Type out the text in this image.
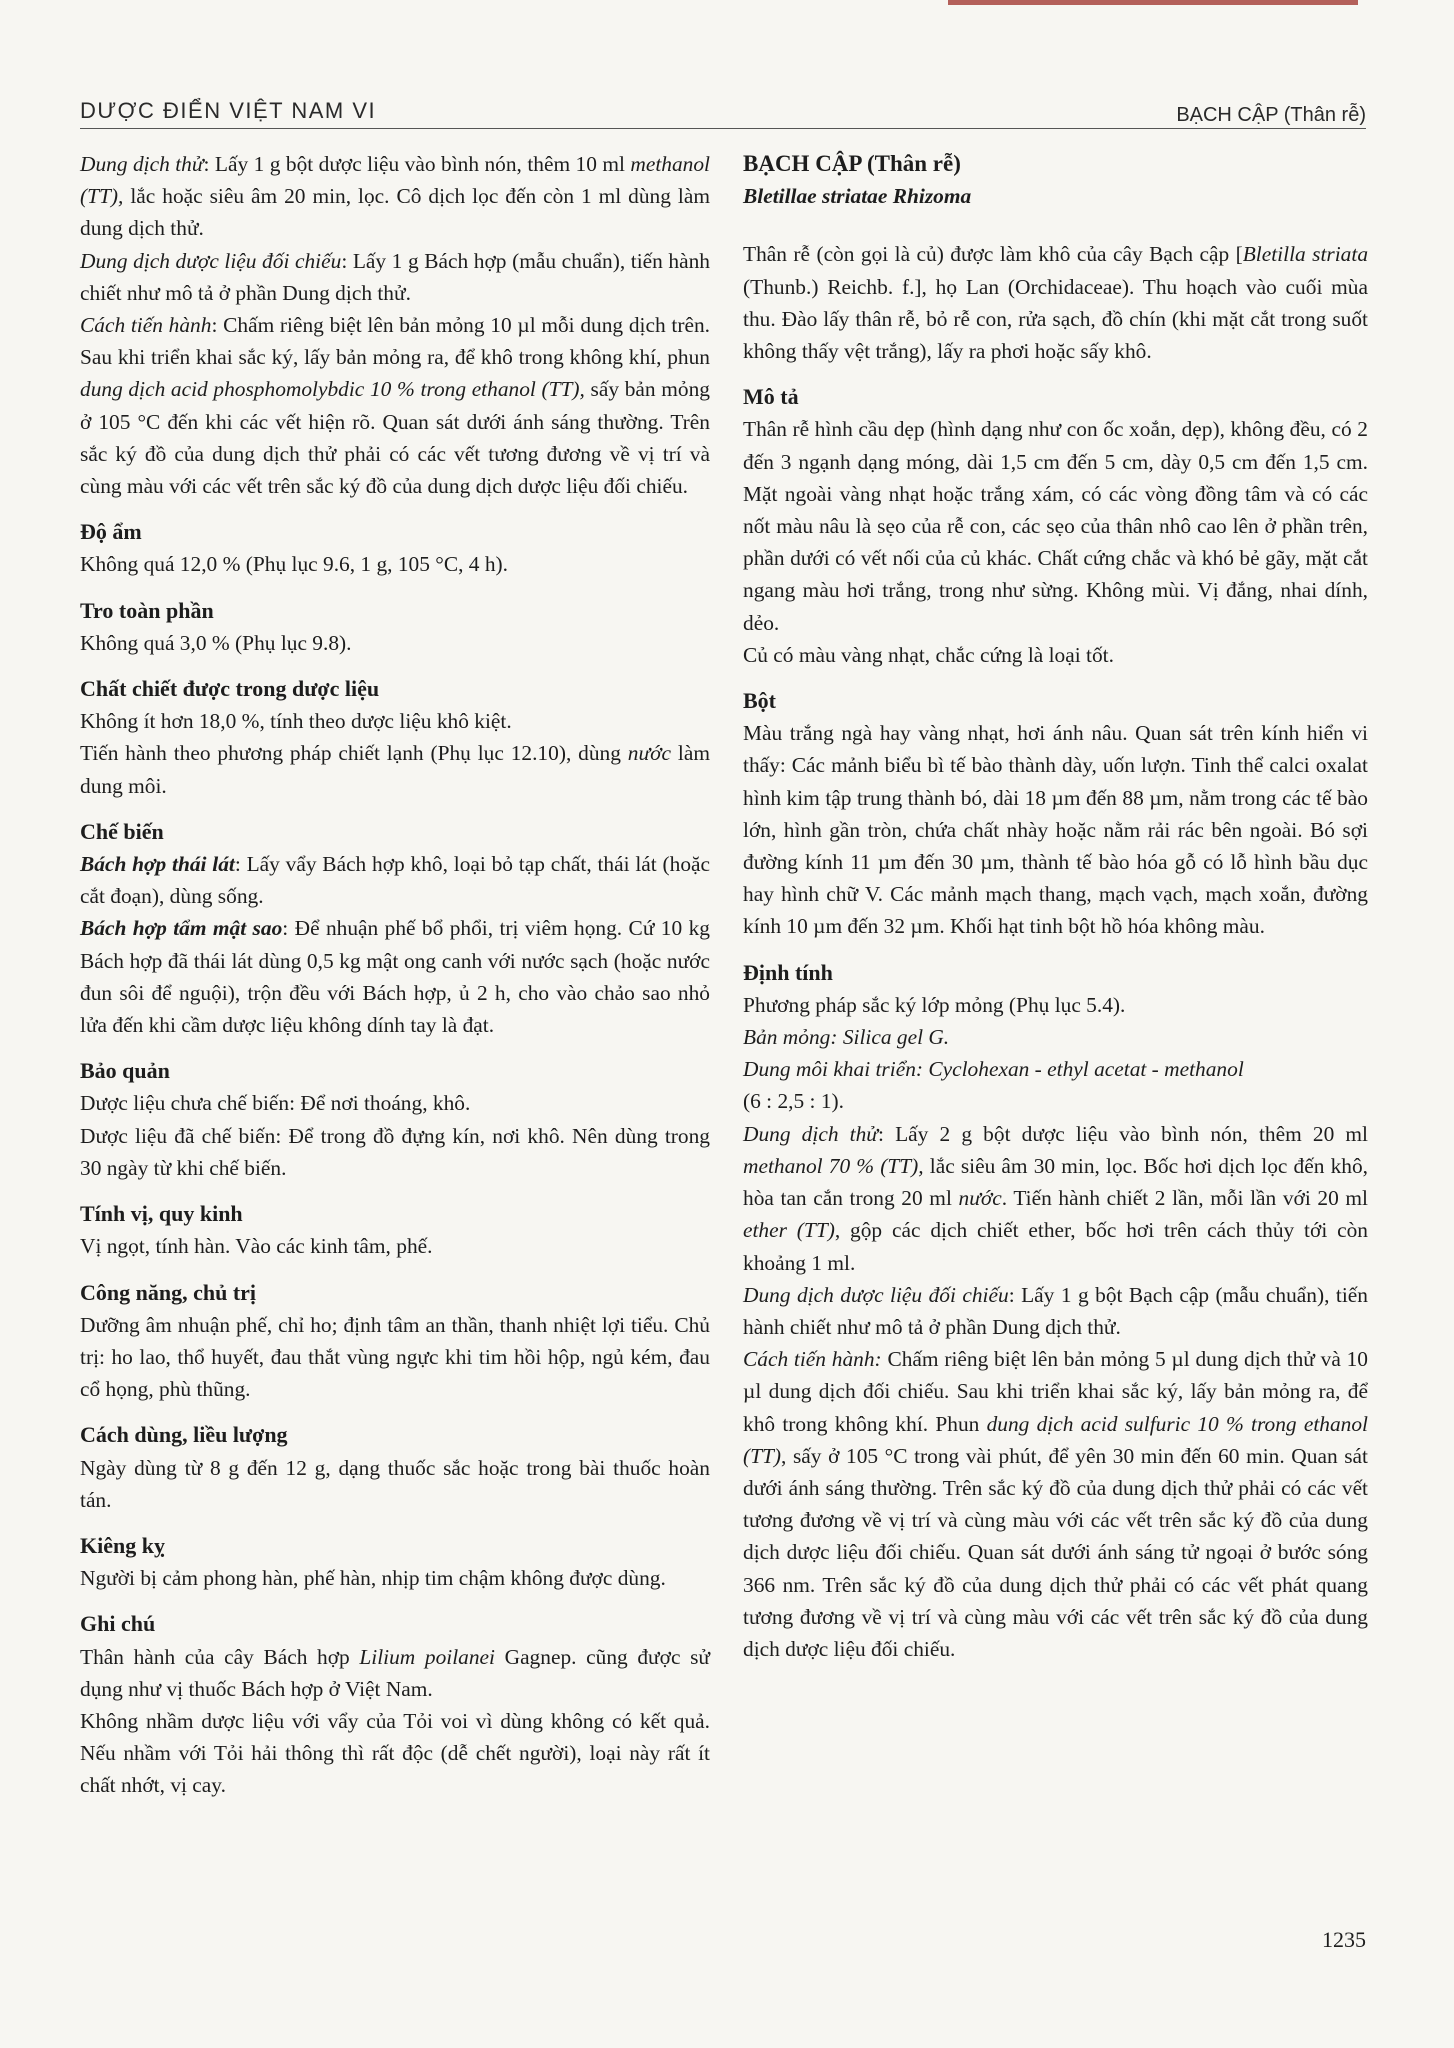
DƯỢC ĐIỂN VIỆT NAM VI	BẠCH CẬP (Thân rễ)

Dung dịch thử: Lấy 1 g bột dược liệu vào bình nón, thêm 10 ml methanol (TT), lắc hoặc siêu âm 20 min, lọc. Cô dịch lọc đến còn 1 ml dùng làm dung dịch thử.

Dung dịch dược liệu đối chiếu: Lấy 1 g Bách hợp (mẫu chuẩn), tiến hành chiết như mô tả ở phần Dung dịch thử.

Cách tiến hành: Chấm riêng biệt lên bản mỏng 10 µl mỗi dung dịch trên. Sau khi triển khai sắc ký, lấy bản mỏng ra, để khô trong không khí, phun dung dịch acid phosphomolybdic 10 % trong ethanol (TT), sấy bản mỏng ở 105 °C đến khi các vết hiện rõ. Quan sát dưới ánh sáng thường. Trên sắc ký đồ của dung dịch thử phải có các vết tương đương về vị trí và cùng màu với các vết trên sắc ký đồ của dung dịch dược liệu đối chiếu.

Độ ẩm

Không quá 12,0 % (Phụ lục 9.6, 1 g, 105 °C, 4 h).

Tro toàn phần

Không quá 3,0 % (Phụ lục 9.8).

Chất chiết được trong dược liệu

Không ít hơn 18,0 %, tính theo dược liệu khô kiệt.

Tiến hành theo phương pháp chiết lạnh (Phụ lục 12.10), dùng nước làm dung môi.

Chế biến

Bách hợp thái lát: Lấy vẩy Bách hợp khô, loại bỏ tạp chất, thái lát (hoặc cắt đoạn), dùng sống.

Bách hợp tẩm mật sao: Để nhuận phế bổ phổi, trị viêm họng. Cứ 10 kg Bách hợp đã thái lát dùng 0,5 kg mật ong canh với nước sạch (hoặc nước đun sôi để nguội), trộn đều với Bách hợp, ủ 2 h, cho vào chảo sao nhỏ lửa đến khi cầm dược liệu không dính tay là đạt.

Bảo quản

Dược liệu chưa chế biến: Để nơi thoáng, khô.

Dược liệu đã chế biến: Để trong đồ đựng kín, nơi khô. Nên dùng trong 30 ngày từ khi chế biến.

Tính vị, quy kinh

Vị ngọt, tính hàn. Vào các kinh tâm, phế.

Công năng, chủ trị

Dưỡng âm nhuận phế, chỉ ho; định tâm an thần, thanh nhiệt lợi tiểu. Chủ trị: ho lao, thổ huyết, đau thắt vùng ngực khi tim hồi hộp, ngủ kém, đau cổ họng, phù thũng.

Cách dùng, liều lượng

Ngày dùng từ 8 g đến 12 g, dạng thuốc sắc hoặc trong bài thuốc hoàn tán.

Kiêng kỵ

Người bị cảm phong hàn, phế hàn, nhịp tim chậm không được dùng.

Ghi chú

Thân hành của cây Bách hợp Lilium poilanei Gagnep. cũng được sử dụng như vị thuốc Bách hợp ở Việt Nam.

Không nhầm dược liệu với vẩy của Tỏi voi vì dùng không có kết quả. Nếu nhầm với Tỏi hải thông thì rất độc (dễ chết người), loại này rất ít chất nhớt, vị cay.

BẠCH CẬP (Thân rễ)

Bletillae striatae Rhizoma

Thân rễ (còn gọi là củ) được làm khô của cây Bạch cập [Bletilla striata (Thunb.) Reichb. f.], họ Lan (Orchidaceae). Thu hoạch vào cuối mùa thu. Đào lấy thân rễ, bỏ rễ con, rửa sạch, đồ chín (khi mặt cắt trong suốt không thấy vệt trắng), lấy ra phơi hoặc sấy khô.

Mô tả

Thân rễ hình cầu dẹp (hình dạng như con ốc xoắn, dẹp), không đều, có 2 đến 3 ngạnh dạng móng, dài 1,5 cm đến 5 cm, dày 0,5 cm đến 1,5 cm. Mặt ngoài vàng nhạt hoặc trắng xám, có các vòng đồng tâm và có các nốt màu nâu là sẹo của rễ con, các sẹo của thân nhô cao lên ở phần trên, phần dưới có vết nối của củ khác. Chất cứng chắc và khó bẻ gãy, mặt cắt ngang màu hơi trắng, trong như sừng. Không mùi. Vị đắng, nhai dính, dẻo.

Củ có màu vàng nhạt, chắc cứng là loại tốt.

Bột

Màu trắng ngà hay vàng nhạt, hơi ánh nâu. Quan sát trên kính hiển vi thấy: Các mảnh biểu bì tế bào thành dày, uốn lượn. Tinh thể calci oxalat hình kim tập trung thành bó, dài 18 µm đến 88 µm, nằm trong các tế bào lớn, hình gần tròn, chứa chất nhày hoặc nằm rải rác bên ngoài. Bó sợi đường kính 11 µm đến 30 µm, thành tế bào hóa gỗ có lỗ hình bầu dục hay hình chữ V. Các mảnh mạch thang, mạch vạch, mạch xoắn, đường kính 10 µm đến 32 µm. Khối hạt tinh bột hồ hóa không màu.

Định tính

Phương pháp sắc ký lớp mỏng (Phụ lục 5.4).

Bản mỏng: Silica gel G.

Dung môi khai triển: Cyclohexan - ethyl acetat - methanol

(6 : 2,5 : 1).

Dung dịch thử: Lấy 2 g bột dược liệu vào bình nón, thêm 20 ml methanol 70 % (TT), lắc siêu âm 30 min, lọc. Bốc hơi dịch lọc đến khô, hòa tan cắn trong 20 ml nước. Tiến hành chiết 2 lần, mỗi lần với 20 ml ether (TT), gộp các dịch chiết ether, bốc hơi trên cách thủy tới còn khoảng 1 ml.

Dung dịch dược liệu đối chiếu: Lấy 1 g bột Bạch cập (mẫu chuẩn), tiến hành chiết như mô tả ở phần Dung dịch thử.

Cách tiến hành: Chấm riêng biệt lên bản mỏng 5 µl dung dịch thử và 10 µl dung dịch đối chiếu. Sau khi triển khai sắc ký, lấy bản mỏng ra, để khô trong không khí. Phun dung dịch acid sulfuric 10 % trong ethanol (TT), sấy ở 105 °C trong vài phút, để yên 30 min đến 60 min. Quan sát dưới ánh sáng thường. Trên sắc ký đồ của dung dịch thử phải có các vết tương đương về vị trí và cùng màu với các vết trên sắc ký đồ của dung dịch dược liệu đối chiếu. Quan sát dưới ánh sáng tử ngoại ở bước sóng 366 nm. Trên sắc ký đồ của dung dịch thử phải có các vết phát quang tương đương về vị trí và cùng màu với các vết trên sắc ký đồ của dung dịch dược liệu đối chiếu.

1235
